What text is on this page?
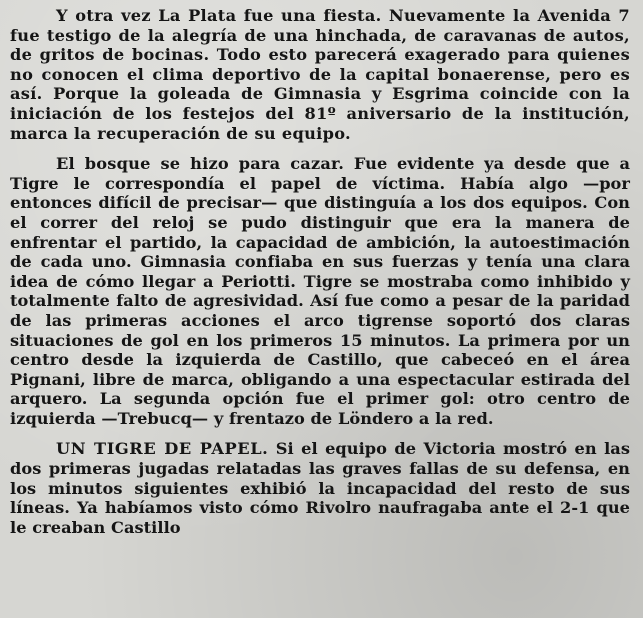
Y otra vez La Plata fue una fiesta. Nuevamente la Avenida 7 fue testigo de la alegría de una hinchada, de caravanas de autos, de gritos de bocinas. Todo esto parecerá exagerado para quienes no conocen el clima deportivo de la capital bonaerense, pero es así. Porque la goleada de Gimnasia y Esgrima coincide con la iniciación de los festejos del 81º aniversario de la institución, marca la recuperación de su equipo.

El bosque se hizo para cazar. Fue evidente ya desde que a Tigre le correspondía el papel de víctima. Había algo —por entonces difícil de precisar— que distinguía a los dos equipos. Con el correr del reloj se pudo distinguir que era la manera de enfrentar el partido, la capacidad de ambición, la autoestimación de cada uno. Gimnasia confiaba en sus fuerzas y tenía una clara idea de cómo llegar a Periotti. Tigre se mostraba como inhibido y totalmente falto de agresividad. Así fue como a pesar de la paridad de las primeras acciones el arco tigrense soportó dos claras situaciones de gol en los primeros 15 minutos. La primera por un centro desde la izquierda de Castillo, que cabeceó en el área Pignani, libre de marca, obligando a una espectacular estirada del arquero. La segunda opción fue el primer gol: otro centro de izquierda —Trebucq— y frentazo de Löndero a la red.

UN TIGRE DE PAPEL. Si el equipo de Victoria mostró en las dos primeras jugadas relatadas las graves fallas de su defensa, en los minutos siguientes exhibió la incapacidad del resto de sus líneas. Ya habíamos visto cómo Rivolro naufragaba ante el 2-1 que le creaban Castillo
